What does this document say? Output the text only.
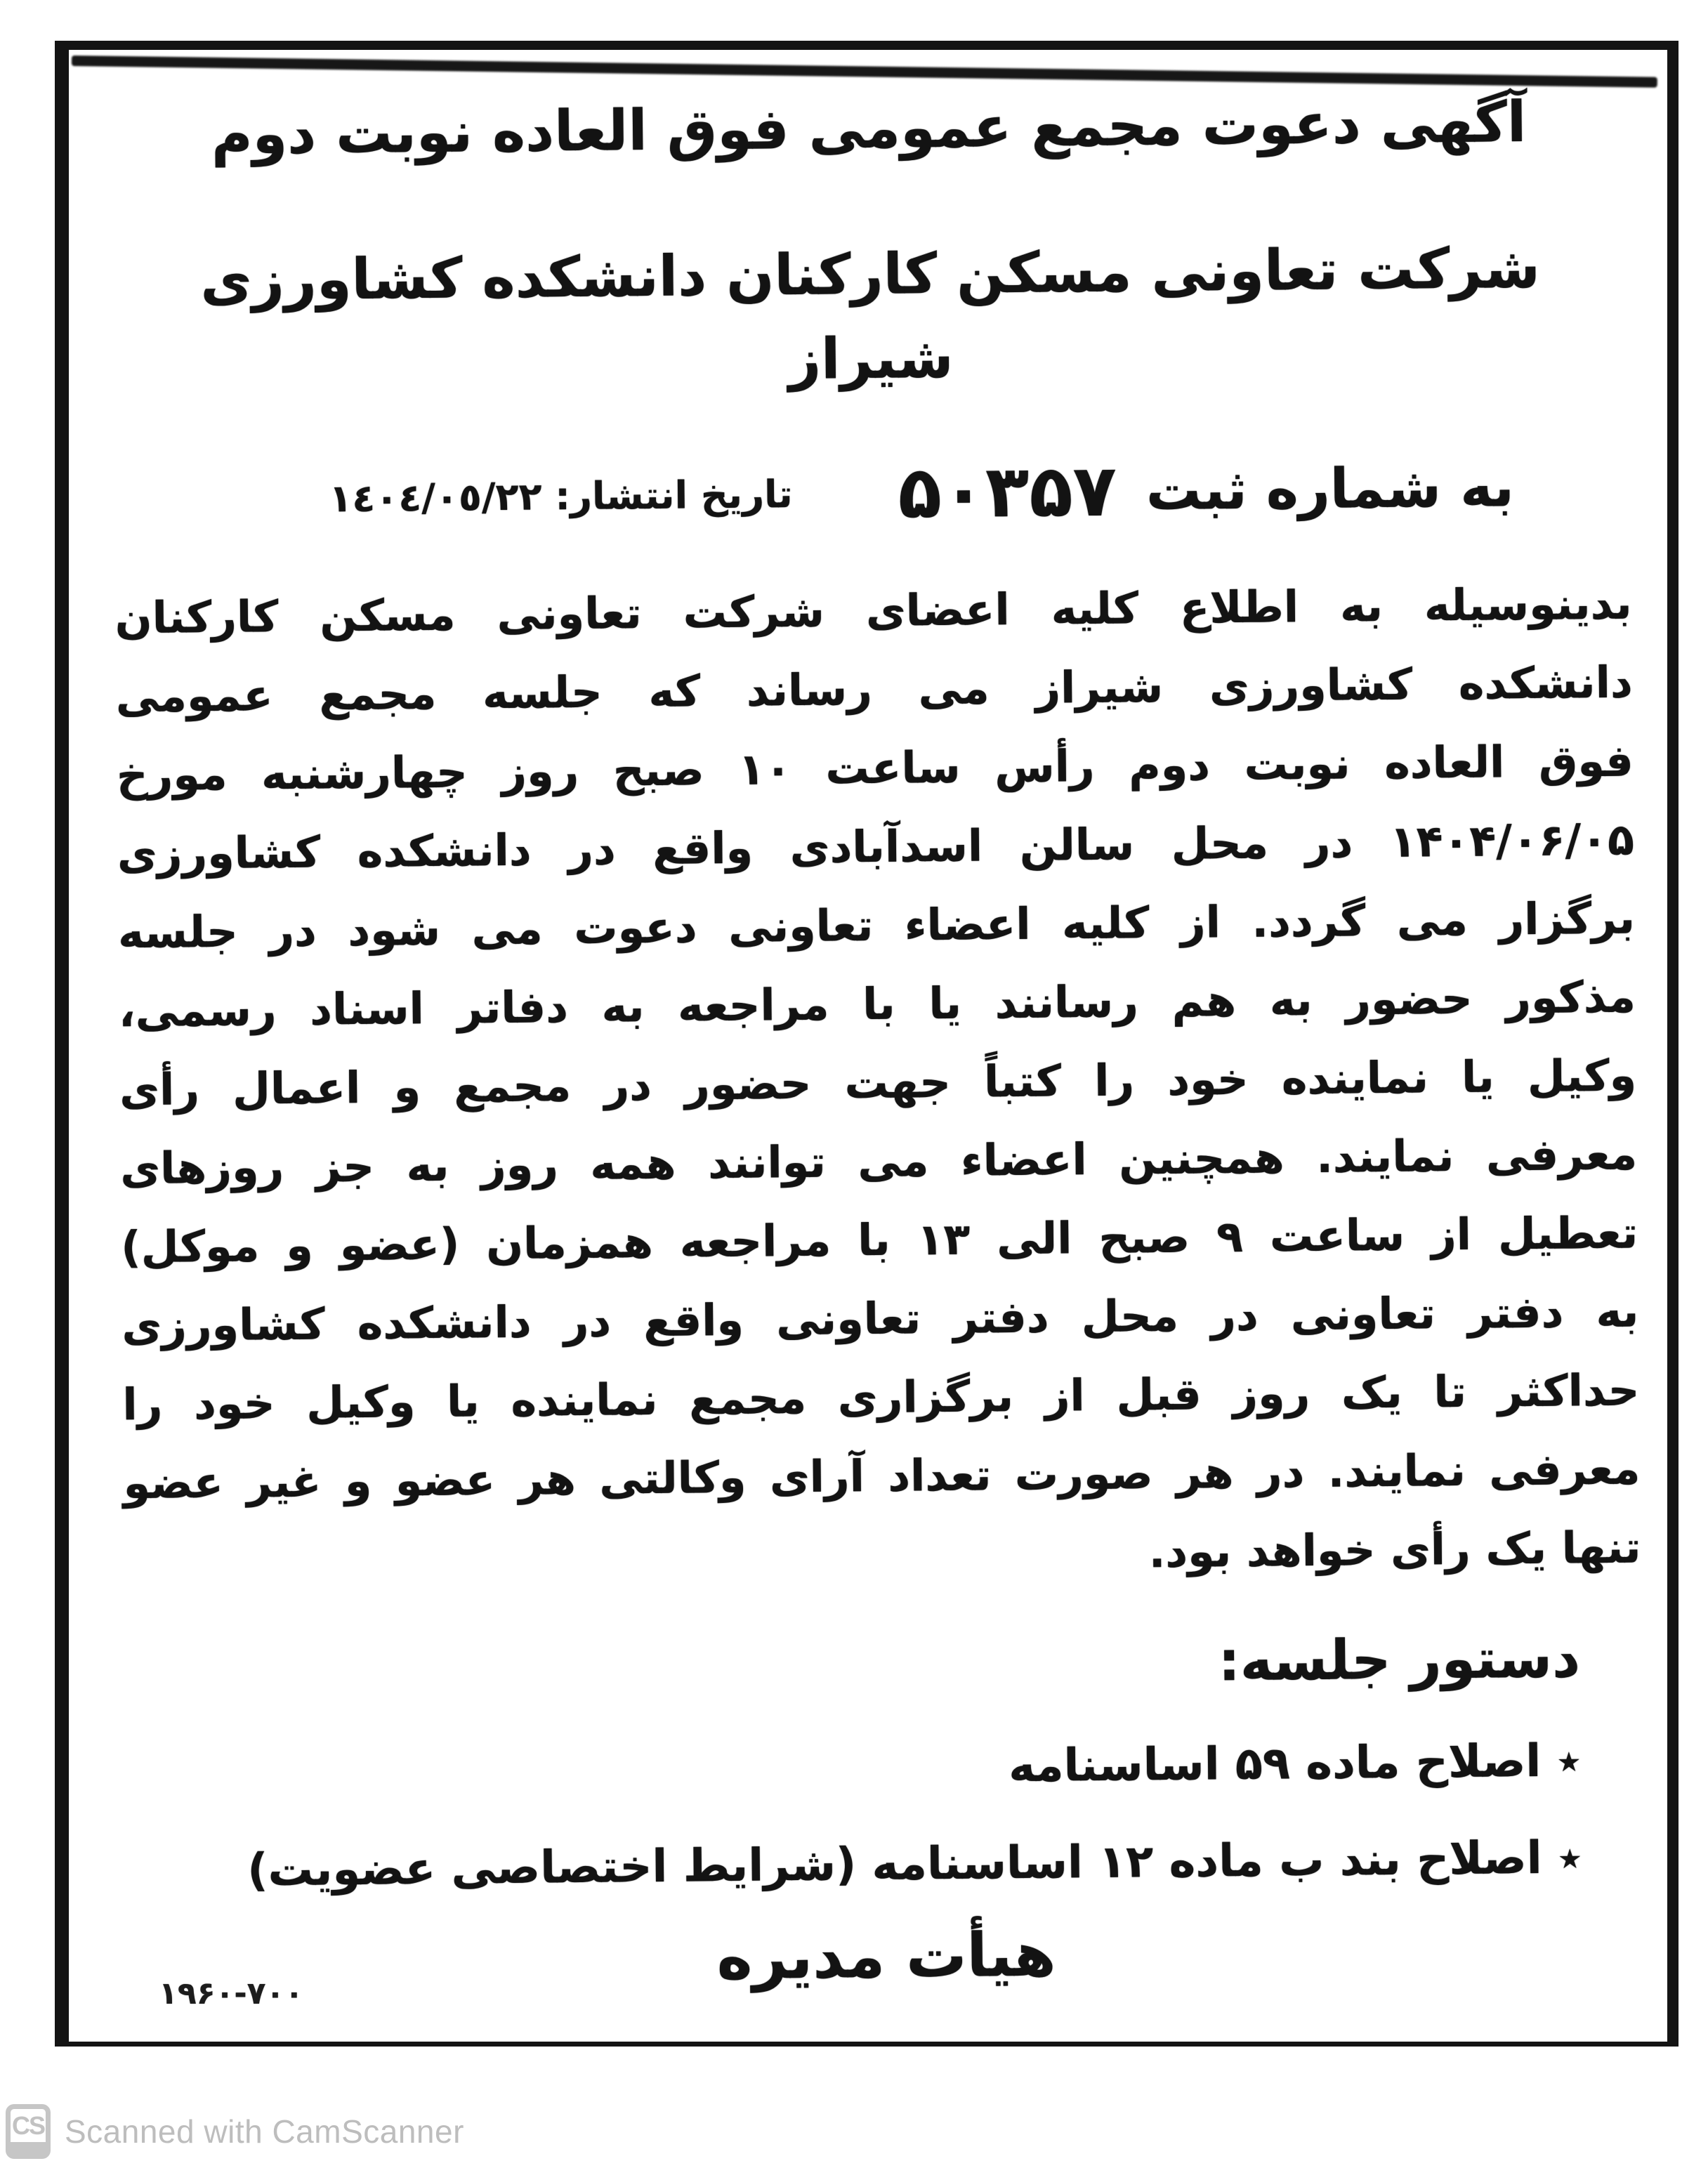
آگهی دعوت مجمع عمومی فوق العاده نوبت دوم
شرکت تعاونی مسکن کارکنان دانشکده کشاورزی شیراز
به شماره ثبت
۵۰۳۵۷
تاریخ انتشار: ١٤٠٤/٠٥/٢٢
بدینوسیله به اطلاع کلیه اعضای شرکت تعاونی مسکن کارکنان
دانشکده کشاورزی شیراز می رساند که جلسه مجمع عمومی
فوق العاده نوبت دوم رأس ساعت ۱۰ صبح روز چهارشنبه مورخ
۱۴۰۴/۰۶/۰۵ در محل سالن اسدآبادی واقع در دانشکده کشاورزی
برگزار می گردد. از کلیه اعضاء تعاونی دعوت می شود در جلسه
مذکور حضور به هم رسانند یا با مراجعه به دفاتر اسناد رسمی،
وکیل یا نماینده خود را کتباً جهت حضور در مجمع و اعمال رأی
معرفی نمایند. همچنین اعضاء می توانند همه روز به جز روزهای
تعطیل از ساعت ۹ صبح الی ۱۳ با مراجعه همزمان (عضو و موکل)
به دفتر تعاونی در محل دفتر تعاونی واقع در دانشکده کشاورزی
حداکثر تا یک روز قبل از برگزاری مجمع نماینده یا وکیل خود را
معرفی نمایند. در هر صورت تعداد آرای وکالتی هر عضو و غیر عضو
تنها یک رأی خواهد بود.
دستور جلسه:
٭ اصلاح ماده ۵۹ اساسنامه
٭ اصلاح بند ب ماده ۱۲ اساسنامه (شرایط اختصاصی عضویت)
هیأت مدیره
۱۹۶۰-۷۰۰
CS Scanned with CamScanner
